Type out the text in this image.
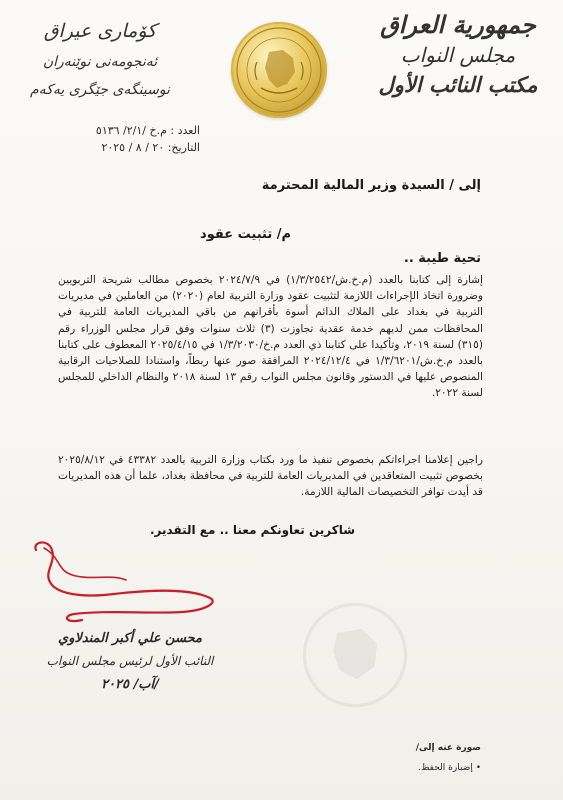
جمهورية العراق
مجلس النواب
مكتب النائب الأول
كۆماری عیراق
ئه‌نجومه‌نی نوێنه‌ران
نوسینگه‌ی جێگری یه‌كه‌م
العدد : م.خ /٢/١/ ٥١٣٦
التاريخ: ٢٠ / ٨ / ٢٠٢٥
إلى / السيدة وزير المالية المحترمة
م/ تثبيت عقود
تحية طيبة ..
إشارة إلى كتابنا بالعدد (م.خ.ش/١/٣/٢٥٤٢) في ٢٠٢٤/٧/٩ بخصوص مطالب شريحة التربويين وضرورة اتخاذ الإجراءات اللازمة لتثبيت عقود وزارة التربية لعام (٢٠٢٠) من العاملين في مديريات التربية في بغداد على الملاك الدائم أسوة بأقرانهم من باقي المديريات العامة للتربية في المحافظات ممن لديهم خدمة عقدية تجاوزت (٣) ثلاث سنوات وفق قرار مجلس الوزراء رقم (٣١٥) لسنة ٢٠١٩، وتأكيدا على كتابنا ذي العدد م.خ/١/٣/٢٠٣٠ في ٢٠٢٥/٤/١٥ المعطوف على كتابنا بالعدد م.خ.ش/١/٣/٦٢٠١ في ٢٠٢٤/١٢/٤ المرافقة صور عنها ربطاً، واستنادا للصلاحيات الرقابية المنصوص عليها في الدستور وقانون مجلس النواب رقم ١٣ لسنة ٢٠١٨ والنظام الداخلي للمجلس لسنة ٢٠٢٢.
راجين إعلامنا اجراءاتكم بخصوص تنفيذ ما ورد بكتاب وزارة التربية بالعدد ٤٣٣٨٢ في ٢٠٢٥/٨/١٢ بخصوص تثبيت المتعاقدين في المديريات العامة للتربية في محافظة بغداد، علما أن هذه المديريات قد أيدت توافر التخصيصات المالية اللازمة.
شاكرين تعاونكم معنا .. مع التقدير.
محسن علي أكبر المندلاوي
النائب الأول لرئيس مجلس النواب
/آب/ ٢٠٢٥
صورة عنه إلى/
• إضبارة الحفظ.
